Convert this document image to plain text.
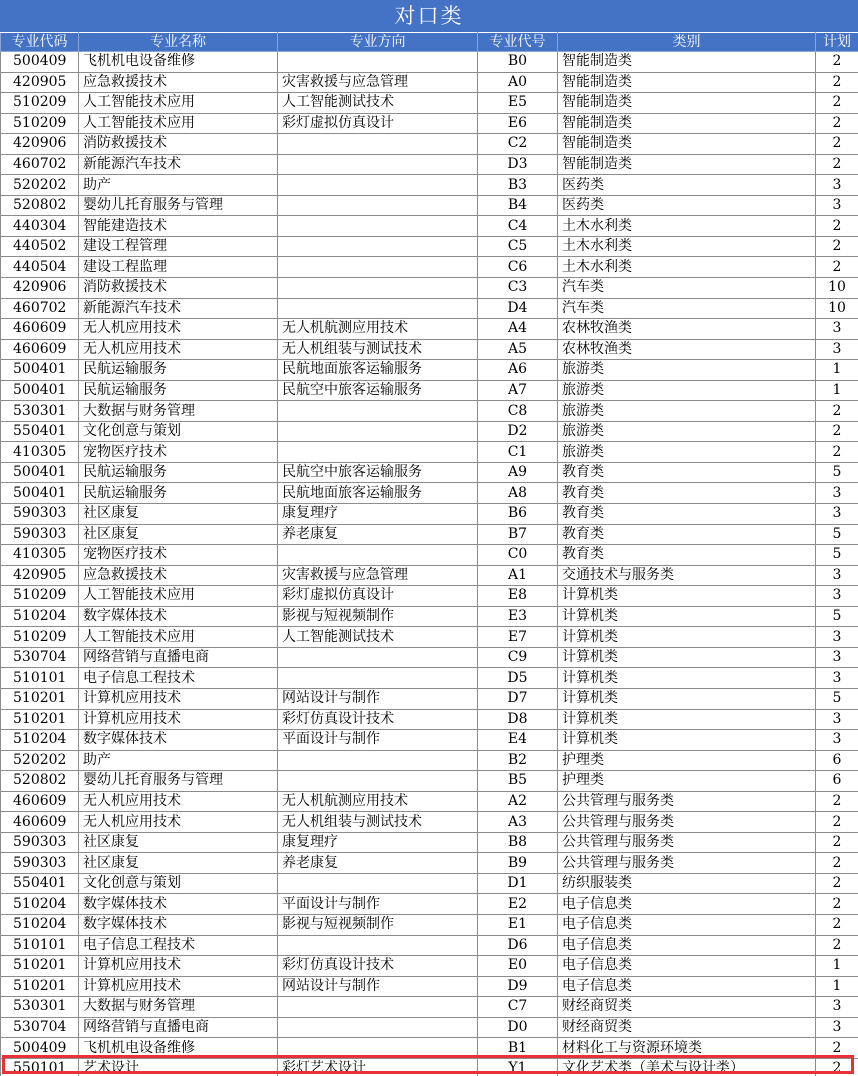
对口类
专业代码	专业名称	专业方向	专业代号	类别	计划
500409	飞机机电设备维修		B0	智能制造类	2
420905	应急救援技术	灾害救援与应急管理	A0	智能制造类	2
510209	人工智能技术应用	人工智能测试技术	E5	智能制造类	2
510209	人工智能技术应用	彩灯虚拟仿真设计	E6	智能制造类	2
420906	消防救援技术		C2	智能制造类	2
460702	新能源汽车技术		D3	智能制造类	2
520202	助产		B3	医药类	3
520802	婴幼儿托育服务与管理		B4	医药类	3
440304	智能建造技术		C4	土木水利类	2
440502	建设工程管理		C5	土木水利类	2
440504	建设工程监理		C6	土木水利类	2
420906	消防救援技术		C3	汽车类	10
460702	新能源汽车技术		D4	汽车类	10
460609	无人机应用技术	无人机航测应用技术	A4	农林牧渔类	3
460609	无人机应用技术	无人机组装与测试技术	A5	农林牧渔类	3
500401	民航运输服务	民航地面旅客运输服务	A6	旅游类	1
500401	民航运输服务	民航空中旅客运输服务	A7	旅游类	1
530301	大数据与财务管理		C8	旅游类	2
550401	文化创意与策划		D2	旅游类	2
410305	宠物医疗技术		C1	旅游类	2
500401	民航运输服务	民航空中旅客运输服务	A9	教育类	5
500401	民航运输服务	民航地面旅客运输服务	A8	教育类	3
590303	社区康复	康复理疗	B6	教育类	3
590303	社区康复	养老康复	B7	教育类	5
410305	宠物医疗技术		C0	教育类	5
420905	应急救援技术	灾害救援与应急管理	A1	交通技术与服务类	3
510209	人工智能技术应用	彩灯虚拟仿真设计	E8	计算机类	3
510204	数字媒体技术	影视与短视频制作	E3	计算机类	5
510209	人工智能技术应用	人工智能测试技术	E7	计算机类	3
530704	网络营销与直播电商		C9	计算机类	3
510101	电子信息工程技术		D5	计算机类	3
510201	计算机应用技术	网站设计与制作	D7	计算机类	5
510201	计算机应用技术	彩灯仿真设计技术	D8	计算机类	3
510204	数字媒体技术	平面设计与制作	E4	计算机类	3
520202	助产		B2	护理类	6
520802	婴幼儿托育服务与管理		B5	护理类	6
460609	无人机应用技术	无人机航测应用技术	A2	公共管理与服务类	2
460609	无人机应用技术	无人机组装与测试技术	A3	公共管理与服务类	2
590303	社区康复	康复理疗	B8	公共管理与服务类	2
590303	社区康复	养老康复	B9	公共管理与服务类	2
550401	文化创意与策划		D1	纺织服装类	2
510204	数字媒体技术	平面设计与制作	E2	电子信息类	2
510204	数字媒体技术	影视与短视频制作	E1	电子信息类	2
510101	电子信息工程技术		D6	电子信息类	2
510201	计算机应用技术	彩灯仿真设计技术	E0	电子信息类	1
510201	计算机应用技术	网站设计与制作	D9	电子信息类	1
530301	大数据与财务管理		C7	财经商贸类	3
530704	网络营销与直播电商		D0	财经商贸类	3
500409	飞机机电设备维修		B1	材料化工与资源环境类	2
550101	艺术设计	彩灯艺术设计	Y1	文化艺术类（美术与设计类）	2
